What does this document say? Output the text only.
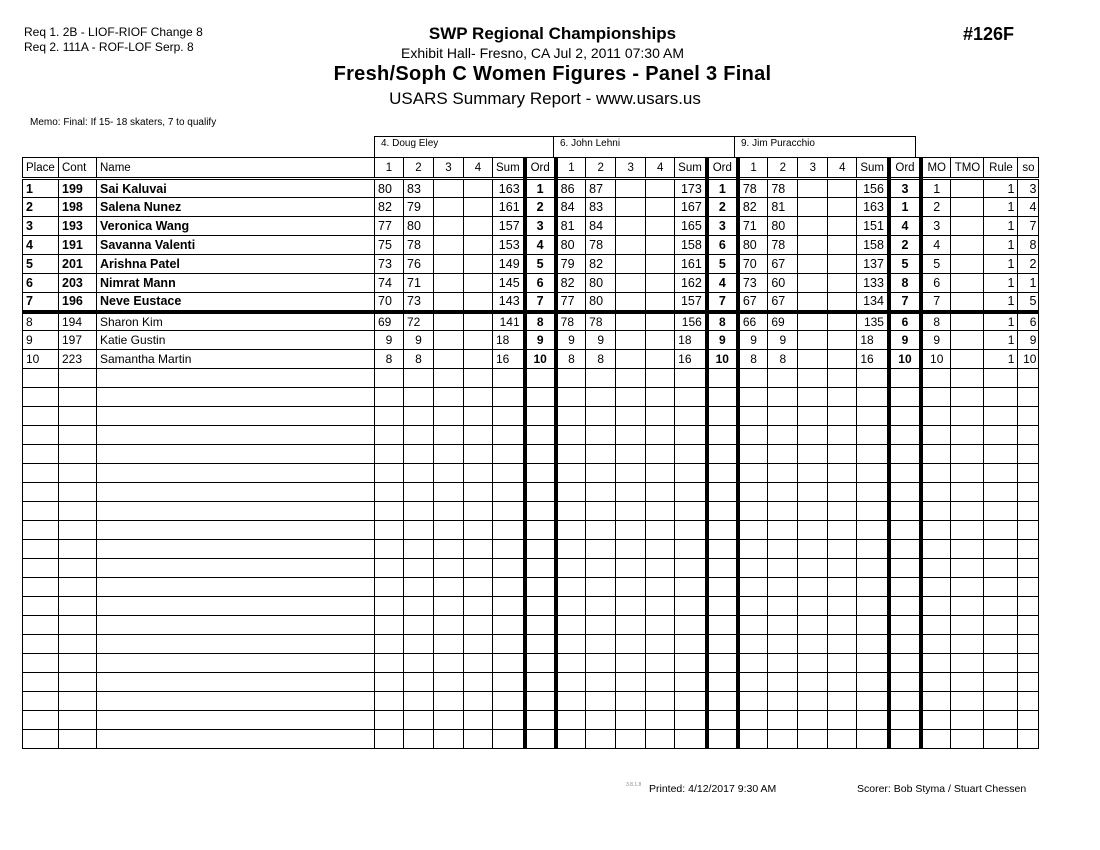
Req 1. 2B - LIOF-RIOF Change 8
Req 2. 111A - ROF-LOF Serp. 8
SWP Regional Championships
Exhibit Hall- Fresno, CA Jul 2, 2011 07:30 AM
Fresh/Soph C Women Figures - Panel 3 Final
USARS Summary Report - www.usars.us
#126F
Memo: Final: If 15- 18 skaters, 7 to qualify
4. Doug Eley	6. John Lehni	9. Jim Puracchio
Place	Cont	Name	1	2	3	4	Sum	Ord	1	2	3	4	Sum	Ord	1	2	3	4	Sum	Ord	MO	TMO	Rule	so
1	199	Sai Kaluvai	80	83			163	1	86	87			173	1	78	78			156	3	1		1	3
2	198	Salena Nunez	82	79			161	2	84	83			167	2	82	81			163	1	2		1	4
3	193	Veronica Wang	77	80			157	3	81	84			165	3	71	80			151	4	3		1	7
4	191	Savanna Valenti	75	78			153	4	80	78			158	6	80	78			158	2	4		1	8
5	201	Arishna Patel	73	76			149	5	79	82			161	5	70	67			137	5	5		1	2
6	203	Nimrat Mann	74	71			145	6	82	80			162	4	73	60			133	8	6		1	1
7	196	Neve Eustace	70	73			143	7	77	80			157	7	67	67			134	7	7		1	5
8	194	Sharon Kim	69	72			141	8	78	78			156	8	66	69			135	6	8		1	6
9	197	Katie Gustin	9	9			18	9	9	9			18	9	9	9			18	9	9		1	9
10	223	Samantha Martin	8	8			16	10	8	8			16	10	8	8			16	10	10		1	10

3.8.1.8 Printed: 4/12/2017 9:30 AM	Scorer: Bob Styma / Stuart Chessen
